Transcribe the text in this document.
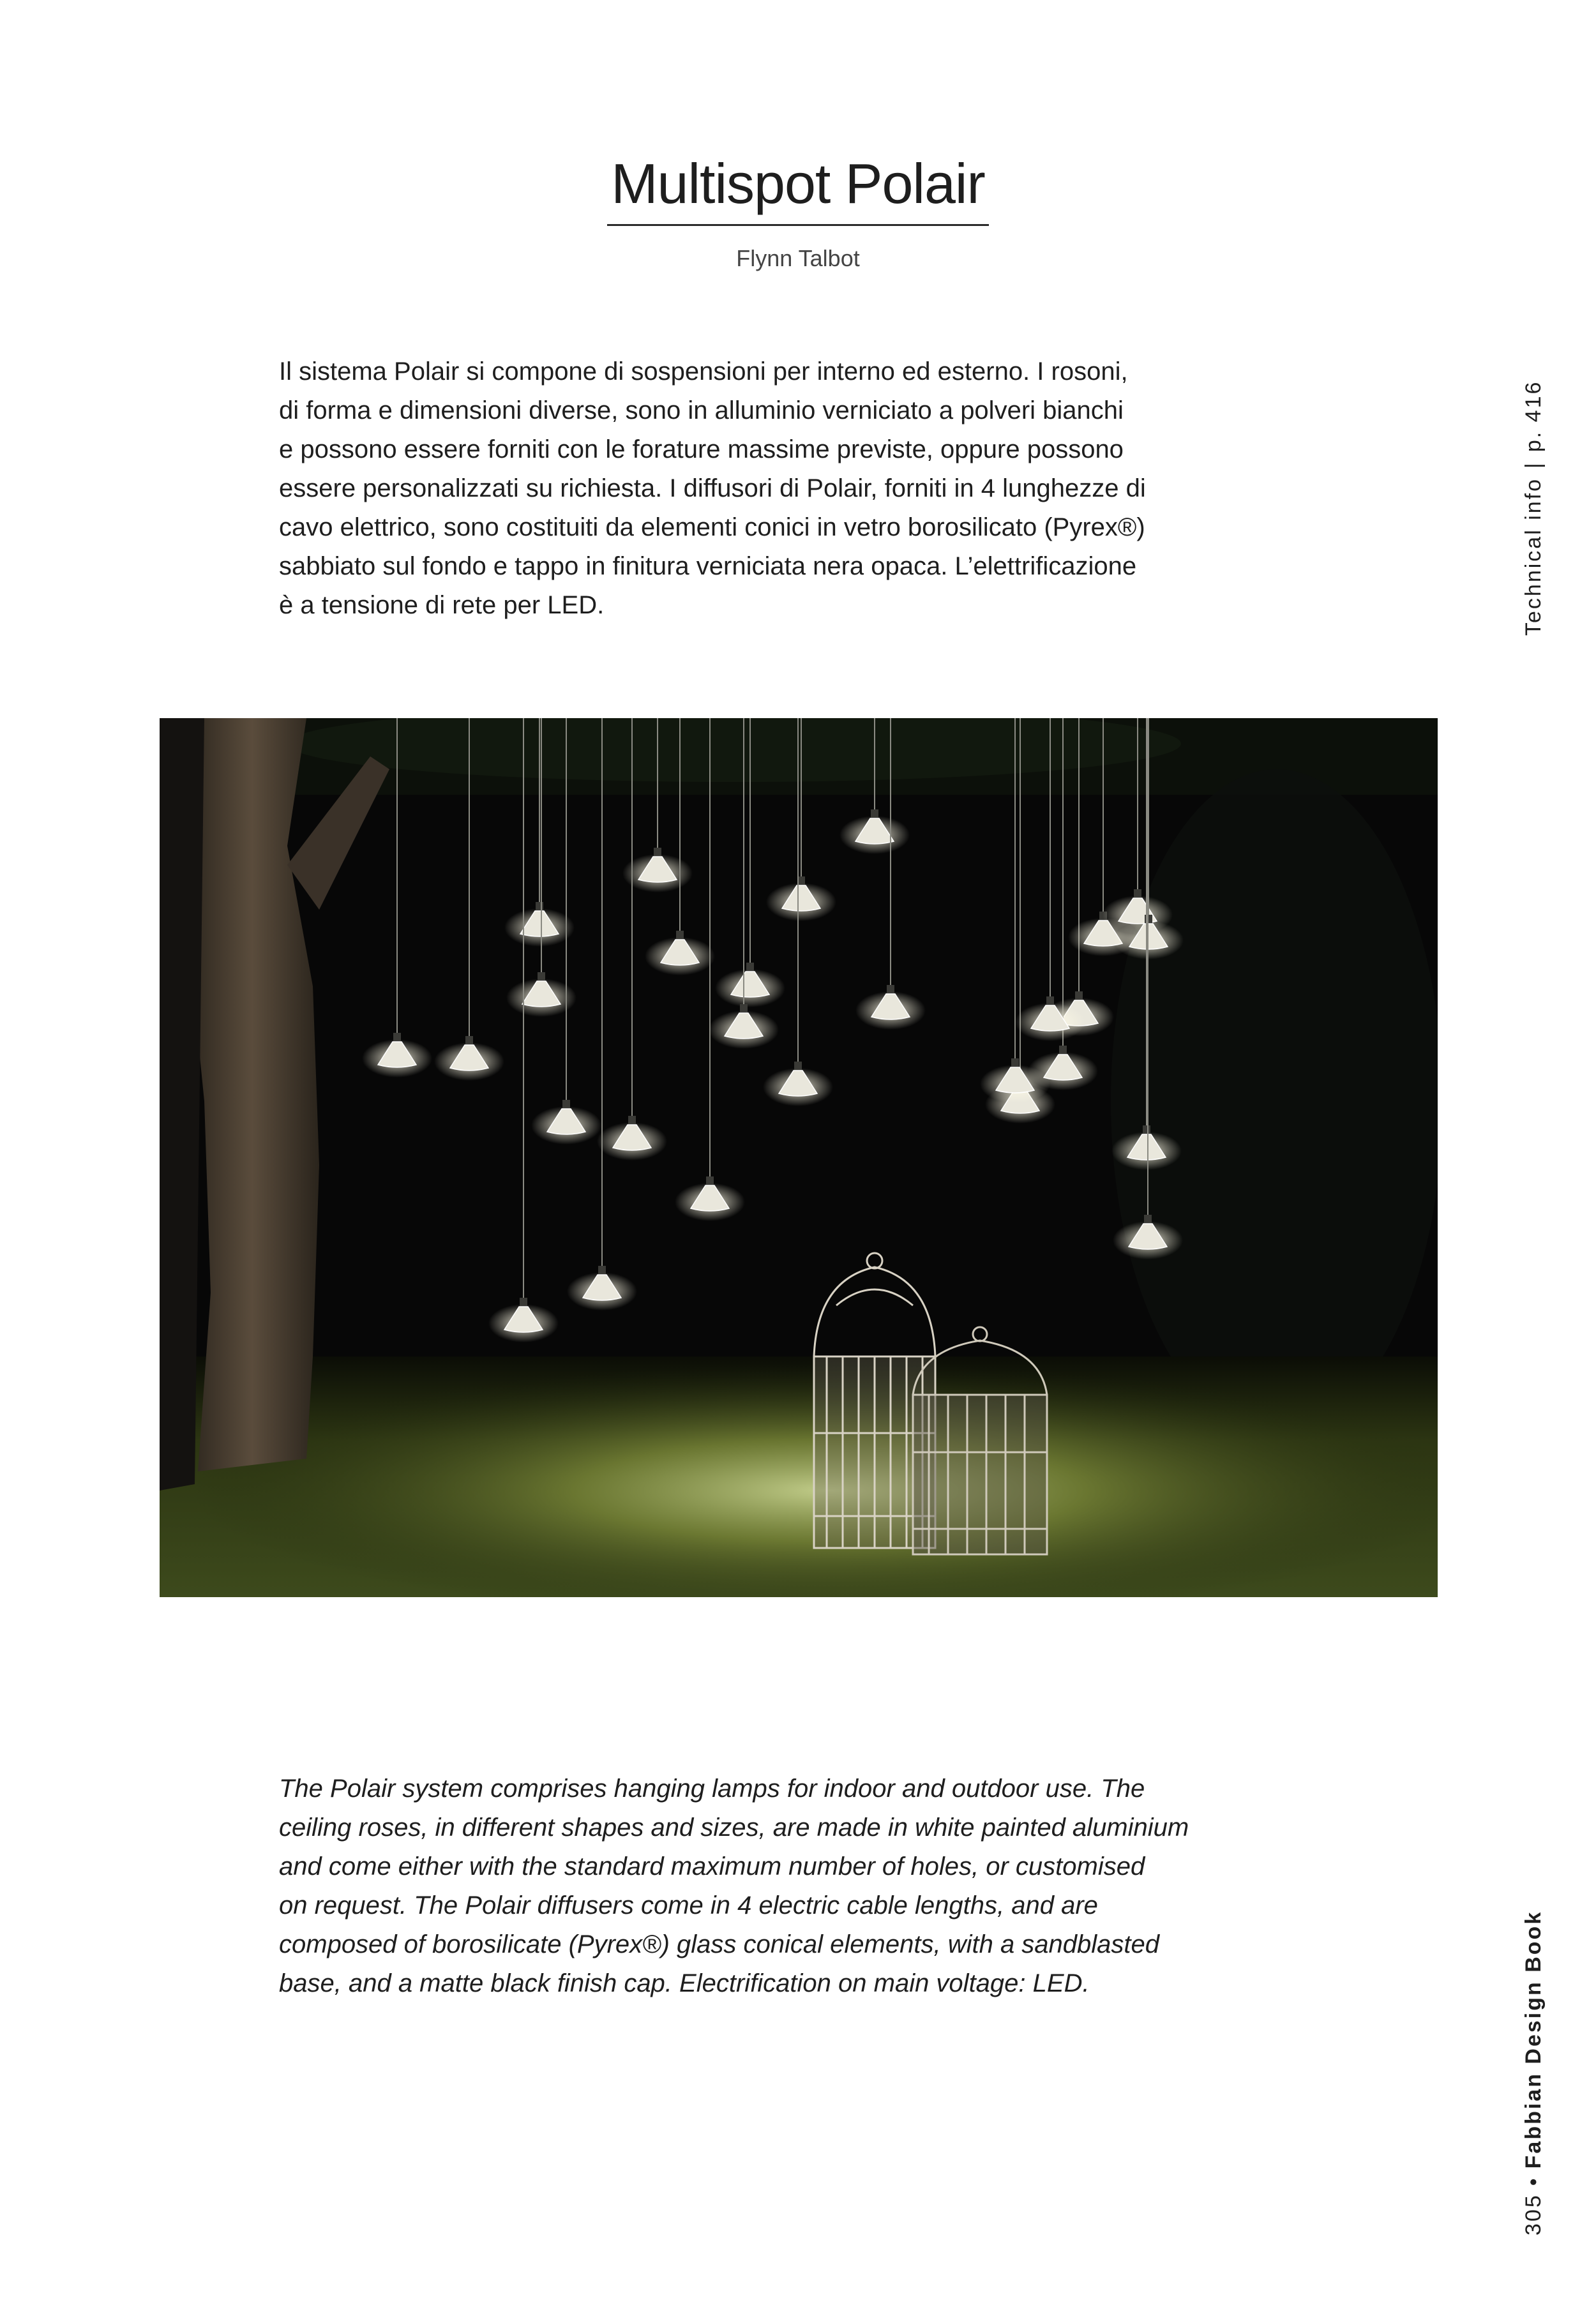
Multispot Polair
Flynn Talbot

Il sistema Polair si compone di sospensioni per interno ed esterno. I rosoni,
di forma e dimensioni diverse, sono in alluminio verniciato a polveri bianchi
e possono essere forniti con le forature massime previste, oppure possono
essere personalizzati su richiesta. I diffusori di Polair, forniti in 4 lunghezze di
cavo elettrico, sono costituiti da elementi conici in vetro borosilicato (Pyrex®)
sabbiato sul fondo e tappo in finitura verniciata nera opaca. L’elettrificazione
è a tensione di rete per LED.	Technical info|p. 416

The Polair system comprises hanging lamps for indoor and outdoor use. The
ceiling roses, in different shapes and sizes, are made in white painted aluminium
and come either with the standard maximum number of holes, or customised
on request. The Polair diffusers come in 4 electric cable lengths, and are
composed of borosilicate (Pyrex®) glass conical elements, with a sandblasted
base, and a matte black finish cap. Electrification on main voltage: LED.

305•Fabbian Design Book
